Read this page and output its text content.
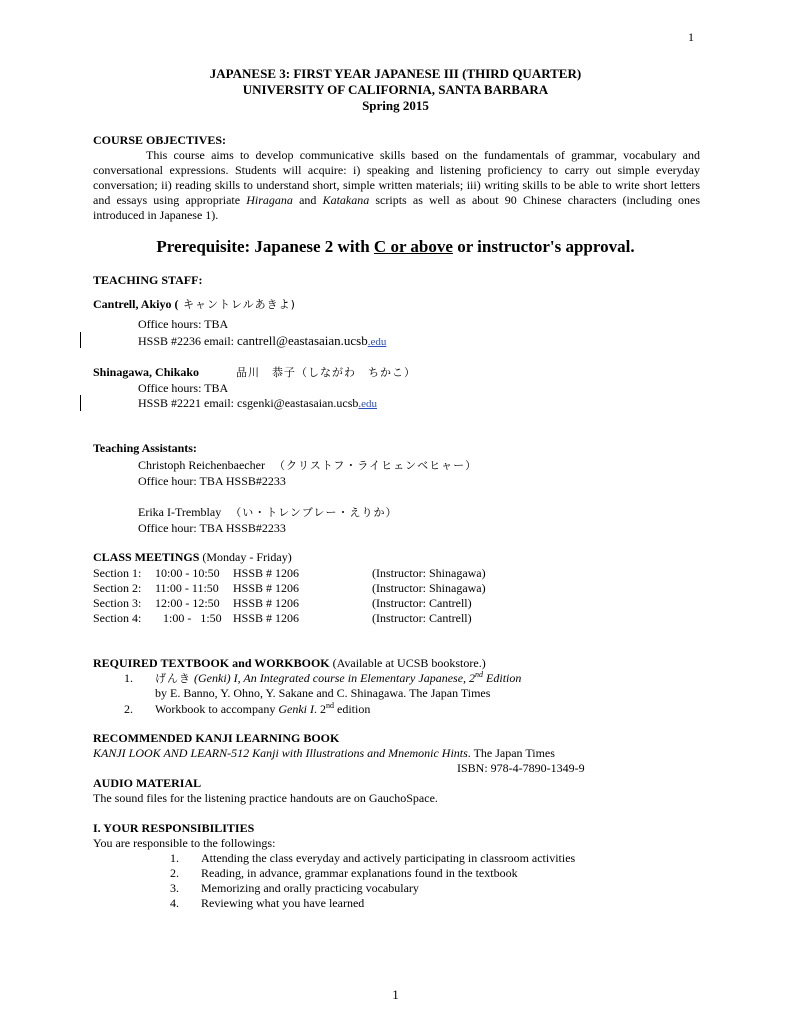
1
JAPANESE 3: FIRST YEAR JAPANESE III (THIRD QUARTER)
UNIVERSITY OF CALIFORNIA, SANTA BARBARA
Spring 2015
COURSE OBJECTIVES:
This course aims to develop communicative skills based on the fundamentals of grammar, vocabulary and conversational expressions. Students will acquire: i) speaking and listening proficiency to carry out simple everyday conversation; ii) reading skills to understand short, simple written materials; iii) writing skills to be able to write short letters and essays using appropriate Hiragana and Katakana scripts as well as about 90 Chinese characters (including ones introduced in Japanese 1).
Prerequisite: Japanese 2 with C or above or instructor's approval.
TEACHING STAFF:
Cantrell, Akiyo ( キャントレルあきよ)
Office hours: TBA
HSSB #2236 email: cantrell@eastasaian.ucsb.edu
Shinagawa, Chikako	品川　恭子（しながわ　ちかこ）
Office hours: TBA
HSSB #2221 email: csgenki@eastasaian.ucsb.edu
Teaching Assistants:
Christoph Reichenbaecher （クリストフ・ライヒェンベヒャー）
Office hour: TBA HSSB#2233
Erika I-Tremblay （い・トレンブレー・えりか）
Office hour: TBA HSSB#2233
CLASS MEETINGS (Monday - Friday)
Section 1: 10:00 - 10:50 HSSB # 1206	(Instructor: Shinagawa)
Section 2: 11:00 - 11:50 HSSB # 1206	(Instructor: Shinagawa)
Section 3: 12:00 - 12:50 HSSB # 1206	(Instructor: Cantrell)
Section 4: 1:00 -   1:50 HSSB # 1206	(Instructor: Cantrell)
REQUIRED TEXTBOOK and WORKBOOK (Available at UCSB bookstore.)
1. げんき (Genki) I, An Integrated course in Elementary Japanese, 2nd Edition
by E. Banno, Y. Ohno, Y. Sakane and C. Shinagawa. The Japan Times
2. Workbook to accompany Genki I. 2nd edition
RECOMMENDED KANJI LEARNING BOOK
KANJI LOOK AND LEARN-512 Kanji with Illustrations and Mnemonic Hints. The Japan Times
ISBN: 978-4-7890-1349-9
AUDIO MATERIAL
The sound files for the listening practice handouts are on GauchoSpace.
I. YOUR RESPONSIBILITIES
You are responsible to the followings:
1. Attending the class everyday and actively participating in classroom activities
2. Reading, in advance, grammar explanations found in the textbook
3. Memorizing and orally practicing vocabulary
4. Reviewing what you have learned
1
